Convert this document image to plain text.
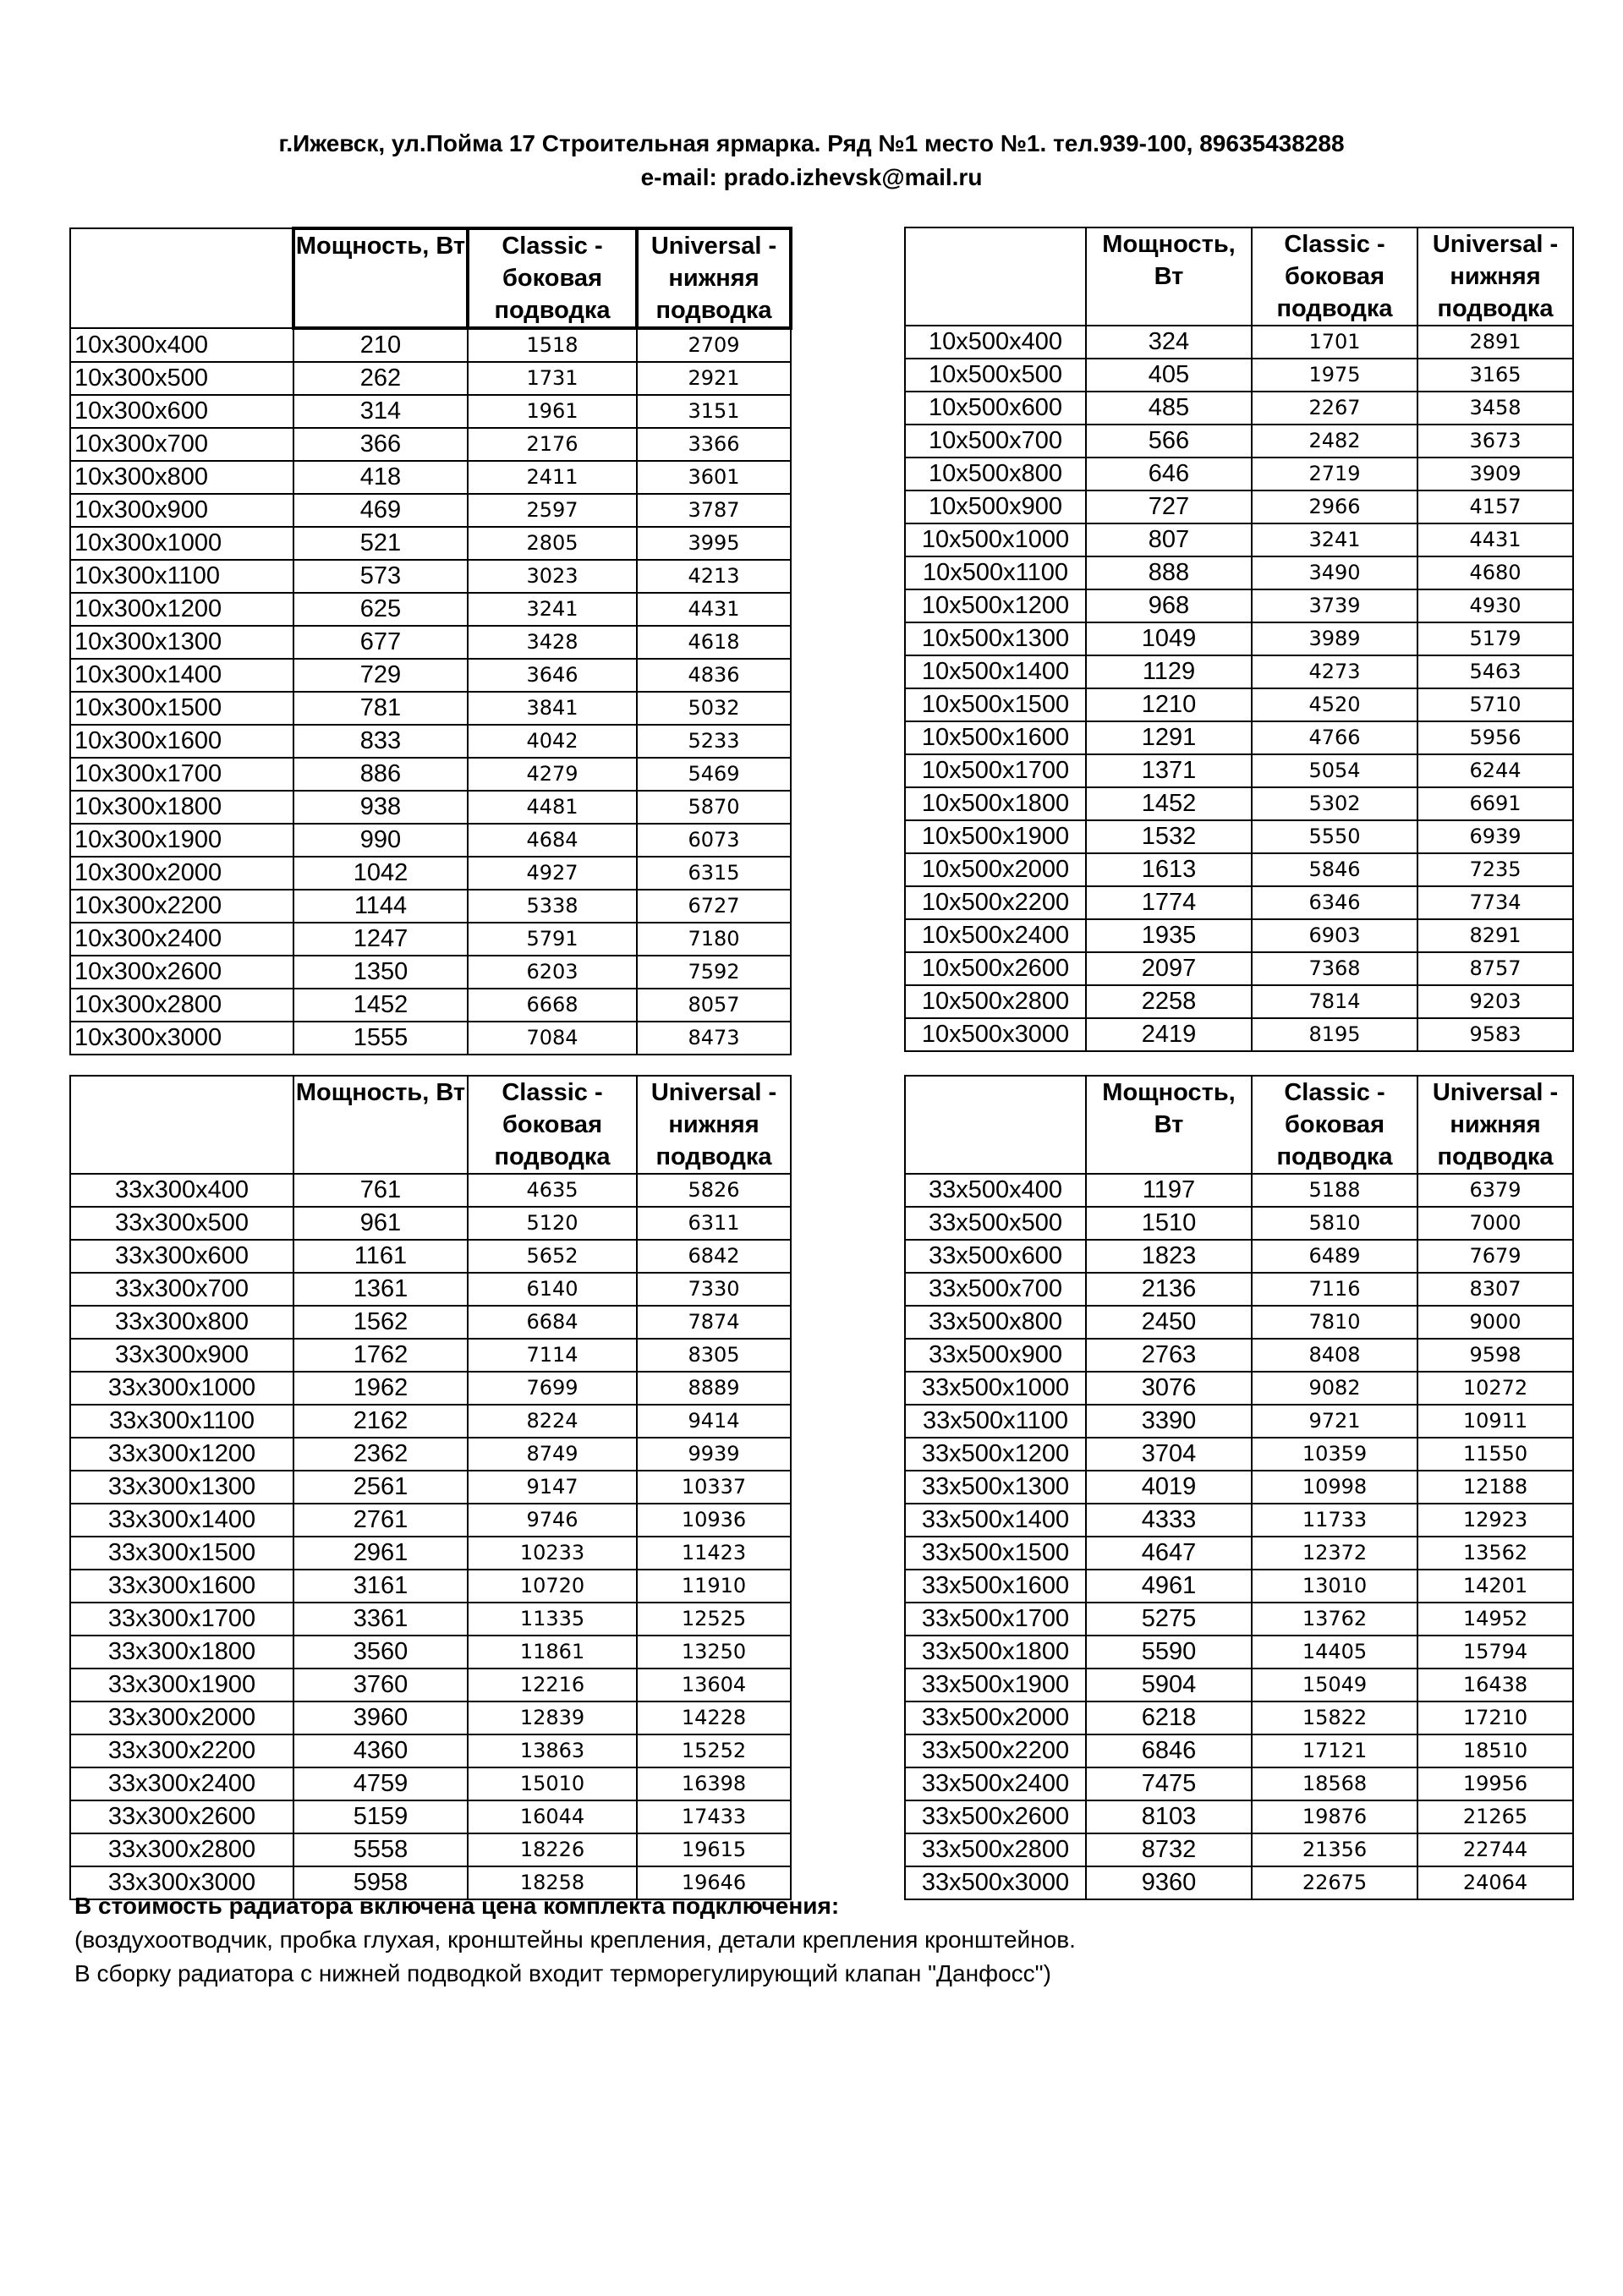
г.Ижевск, ул.Пойма 17 Строительная ярмарка. Ряд №1 место №1. тел.939-100, 89635438288
e-mail: prado.izhevsk@mail.ru
	Мощность, Вт	Classic - боковая подводка	Universal - нижняя подводка
10x300x400	210	1518	2709
10x300x500	262	1731	2921
10x300x600	314	1961	3151
10x300x700	366	2176	3366
10x300x800	418	2411	3601
10x300x900	469	2597	3787
10x300x1000	521	2805	3995
10x300x1100	573	3023	4213
10x300x1200	625	3241	4431
10x300x1300	677	3428	4618
10x300x1400	729	3646	4836
10x300x1500	781	3841	5032
10x300x1600	833	4042	5233
10x300x1700	886	4279	5469
10x300x1800	938	4481	5870
10x300x1900	990	4684	6073
10x300x2000	1042	4927	6315
10x300x2200	1144	5338	6727
10x300x2400	1247	5791	7180
10x300x2600	1350	6203	7592
10x300x2800	1452	6668	8057
10x300x3000	1555	7084	8473
	Мощность, Вт	Classic - боковая подводка	Universal - нижняя подводка
10x500x400	324	1701	2891
10x500x500	405	1975	3165
10x500x600	485	2267	3458
10x500x700	566	2482	3673
10x500x800	646	2719	3909
10x500x900	727	2966	4157
10x500x1000	807	3241	4431
10x500x1100	888	3490	4680
10x500x1200	968	3739	4930
10x500x1300	1049	3989	5179
10x500x1400	1129	4273	5463
10x500x1500	1210	4520	5710
10x500x1600	1291	4766	5956
10x500x1700	1371	5054	6244
10x500x1800	1452	5302	6691
10x500x1900	1532	5550	6939
10x500x2000	1613	5846	7235
10x500x2200	1774	6346	7734
10x500x2400	1935	6903	8291
10x500x2600	2097	7368	8757
10x500x2800	2258	7814	9203
10x500x3000	2419	8195	9583
	Мощность, Вт	Classic - боковая подводка	Universal - нижняя подводка
33x300x400	761	4635	5826
33x300x500	961	5120	6311
33x300x600	1161	5652	6842
33x300x700	1361	6140	7330
33x300x800	1562	6684	7874
33x300x900	1762	7114	8305
33x300x1000	1962	7699	8889
33x300x1100	2162	8224	9414
33x300x1200	2362	8749	9939
33x300x1300	2561	9147	10337
33x300x1400	2761	9746	10936
33x300x1500	2961	10233	11423
33x300x1600	3161	10720	11910
33x300x1700	3361	11335	12525
33x300x1800	3560	11861	13250
33x300x1900	3760	12216	13604
33x300x2000	3960	12839	14228
33x300x2200	4360	13863	15252
33x300x2400	4759	15010	16398
33x300x2600	5159	16044	17433
33x300x2800	5558	18226	19615
33x300x3000	5958	18258	19646
	Мощность, Вт	Classic - боковая подводка	Universal - нижняя подводка
33x500x400	1197	5188	6379
33x500x500	1510	5810	7000
33x500x600	1823	6489	7679
33x500x700	2136	7116	8307
33x500x800	2450	7810	9000
33x500x900	2763	8408	9598
33x500x1000	3076	9082	10272
33x500x1100	3390	9721	10911
33x500x1200	3704	10359	11550
33x500x1300	4019	10998	12188
33x500x1400	4333	11733	12923
33x500x1500	4647	12372	13562
33x500x1600	4961	13010	14201
33x500x1700	5275	13762	14952
33x500x1800	5590	14405	15794
33x500x1900	5904	15049	16438
33x500x2000	6218	15822	17210
33x500x2200	6846	17121	18510
33x500x2400	7475	18568	19956
33x500x2600	8103	19876	21265
33x500x2800	8732	21356	22744
33x500x3000	9360	22675	24064
В стоимость радиатора включена цена комплекта подключения:
(воздухоотводчик, пробка глухая, кронштейны крепления, детали крепления кронштейнов.
В сборку радиатора с нижней подводкой входит терморегулирующий клапан "Данфосс")
